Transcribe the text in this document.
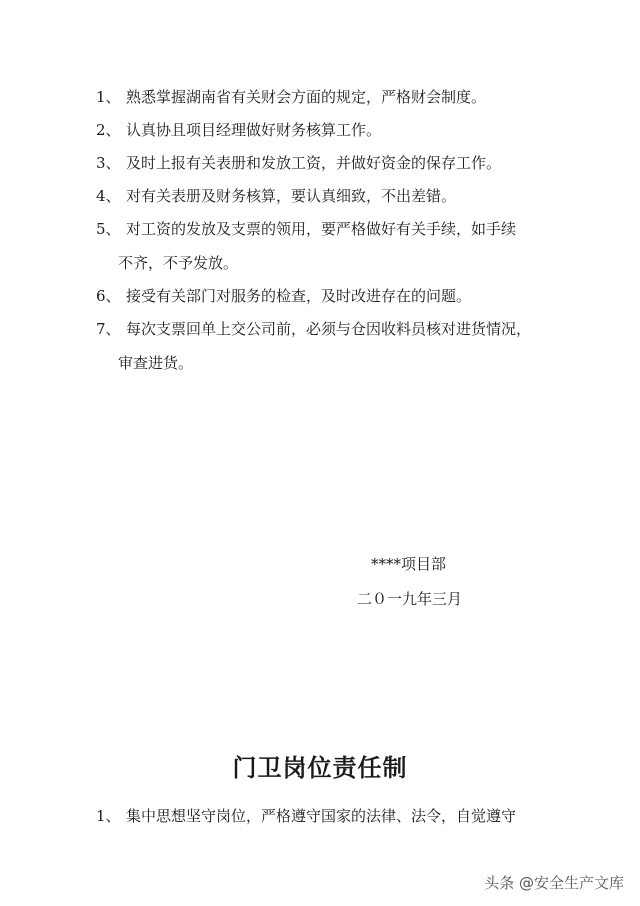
1、 熟悉掌握湖南省有关财会方面的规定，严格财会制度。
2、 认真协且项目经理做好财务核算工作。
3、 及时上报有关表册和发放工资，并做好资金的保存工作。
4、 对有关表册及财务核算，要认真细致，不出差错。
5、 对工资的发放及支票的领用，要严格做好有关手续，如手续
不齐，不予发放。
6、 接受有关部门对服务的检查，及时改进存在的问题。
7、 每次支票回单上交公司前，必须与仓因收料员核对进货情况，
审查进货。
****项目部
二０一九年三月
门卫岗位责任制
1、 集中思想坚守岗位，严格遵守国家的法律、法令，自觉遵守
头条 @安全生产文库
